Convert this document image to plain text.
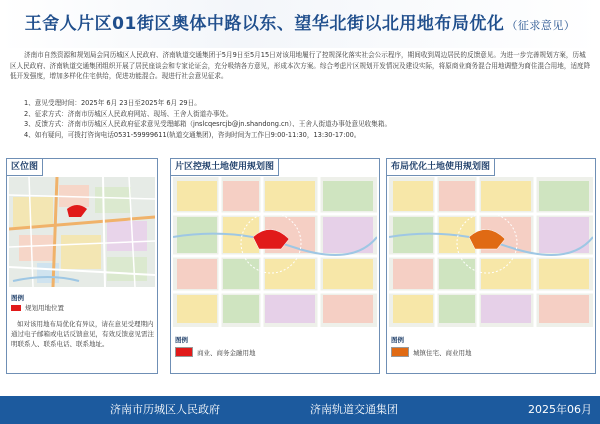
王舍人片区01街区奥体中路以东、望华北街以北用地布局优化 （征求意见）

济南市自然资源和规划局会同历城区人民政府、济南轨道交通集团于5月9日至5月15日对该用地履行了控规深化落实社会公示程序，期间收到周边居民的反馈意见。为进一步完善规划方案，历城区人民政府、济南轨道交通集团组织开展了居民座谈会和专家论证会，充分吸纳各方意见，形成本次方案。综合考虑片区规划开发情况及建设实际，将原商业商务混合用地调整为商住混合用地，适度降低开发强度，增加多样化住宅供给，促进功能混合。现进行社会意见征求。

1、意见受理时间：2025年 6月 23日至2025年 6月 29日。
2、征求方式：济南市历城区人民政府网站、现场、王舍人街道办事处。
3、反馈方式：济南市历城区人民政府征求意见受理邮箱（jnslcqesrcjb@jn.shandong.cn）、王舍人街道办事处意见收集箱。
4、如有疑问，可拨打咨询电话0531-59999611(轨道交通集团)，咨询时间为工作日9:00-11:30，13:30-17:00。
区位图
图例
规划用地位置
如对该用地布局优化有异议，请在意见受理期内通过电子邮箱或电话反馈意见，有效反馈意见需注明联系人、联系电话、联系地址。
片区控规土地使用规划图
图例
商业、商务金融用地
布局优化土地使用规划图
图例
城镇住宅、商业用地
济南市历城区人民政府	济南轨道交通集团	2025年06月
